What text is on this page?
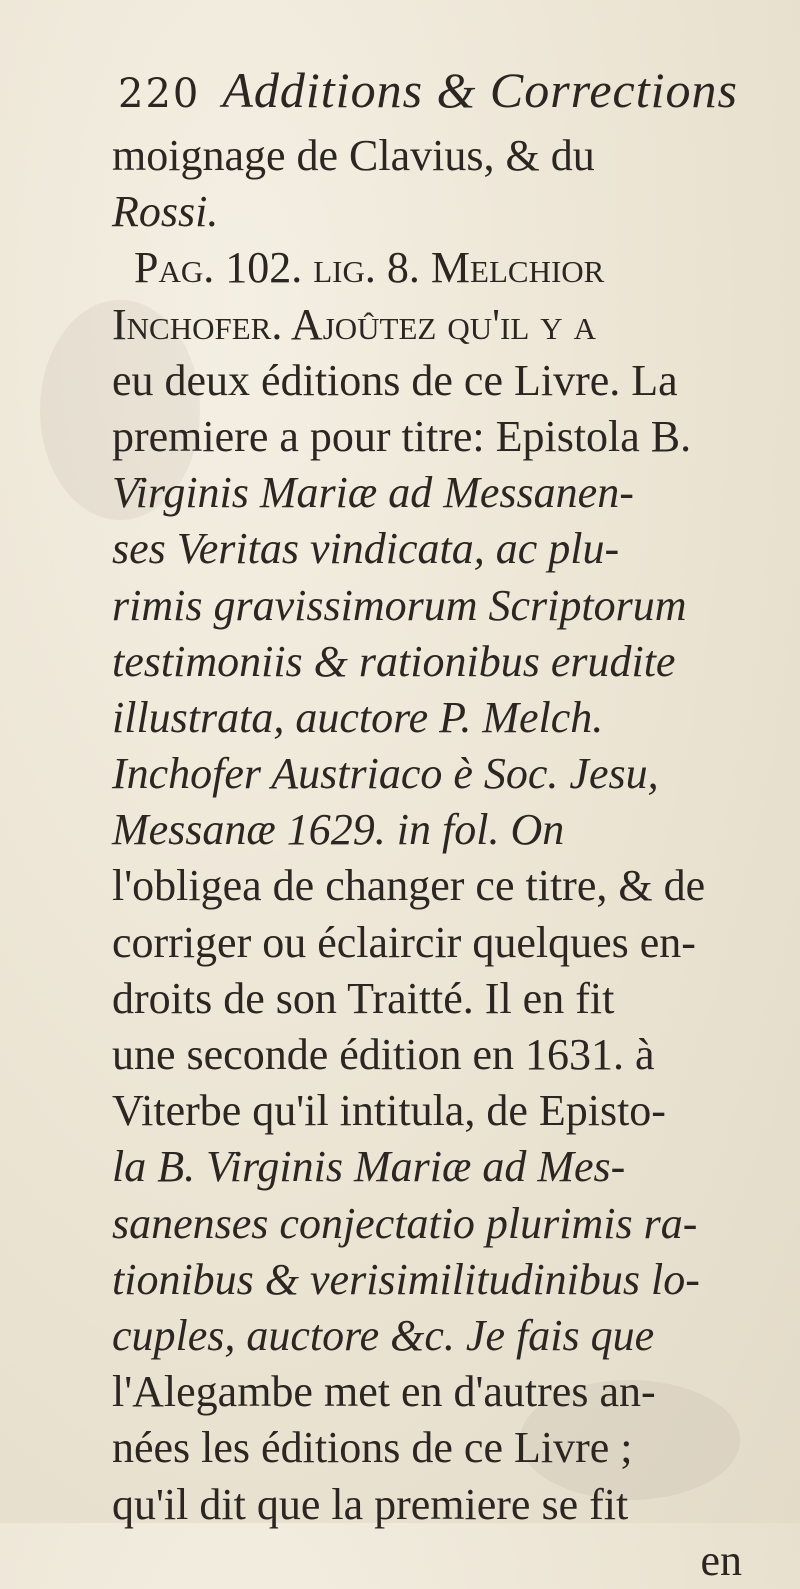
220 Additions & Corrections
moignage de Clavius, & du
Rossi.
Pag. 102. lig. 8. Melchior
Inchofer. Ajoûtez qu'il y a
eu deux éditions de ce Livre. La
premiere a pour titre: Epistola B.
Virginis Mariæ ad Messanen-
ses Veritas vindicata, ac plu-
rimis gravissimorum Scriptorum
testimoniis & rationibus erudite
illustrata, auctore P. Melch.
Inchofer Austriaco è Soc. Jesu,
Messanæ 1629. in fol. On
l'obligea de changer ce titre, & de
corriger ou éclaircir quelques en-
droits de son Traitté. Il en fit
une seconde édition en 1631. à
Viterbe qu'il intitula, de Episto-
la B. Virginis Mariæ ad Mes-
sanenses conjectatio plurimis ra-
tionibus & verisimilitudinibus lo-
cuples, auctore &c. Je fais que
l'Alegambe met en d'autres an-
nées les éditions de ce Livre ;
qu'il dit que la premiere se fit
en
